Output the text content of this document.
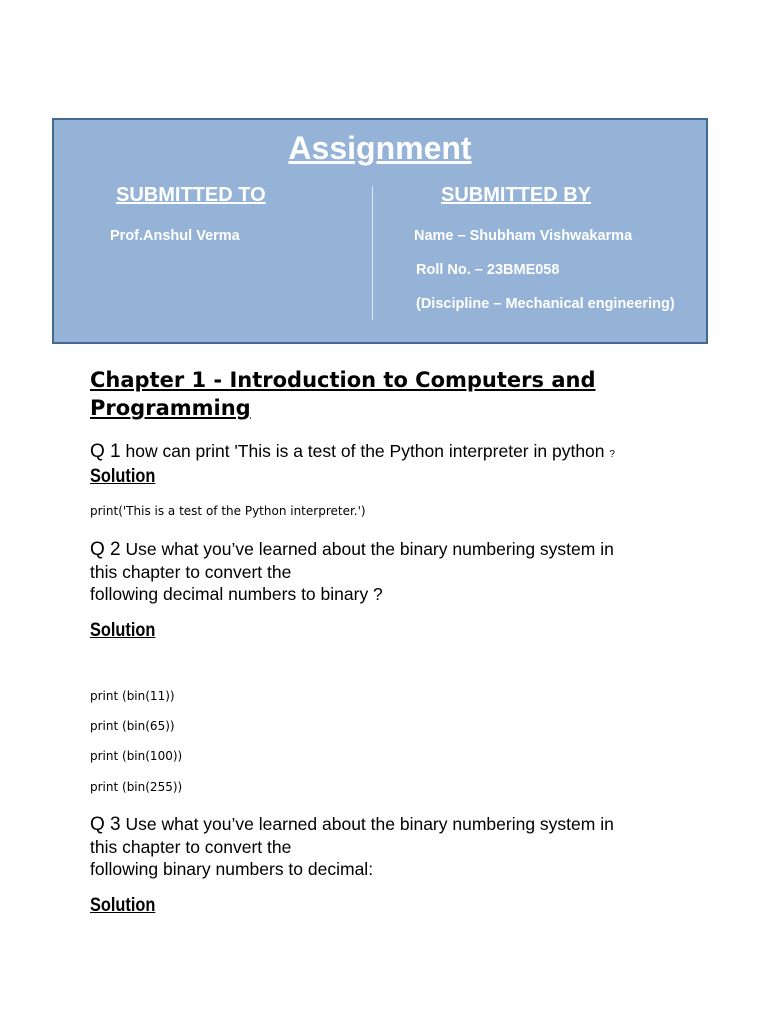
Assignment
SUBMITTED TO	SUBMITTED BY
Prof.Anshul Verma	Name – Shubham Vishwakarma
Roll No. – 23BME058
(Discipline – Mechanical engineering)
Chapter 1 - Introduction to Computers and Programming
Q 1 how can print 'This is a test of the Python interpreter in python ?
Solution
print('This is a test of the Python interpreter.')
Q 2 Use what you’ve learned about the binary numbering system in
this chapter to convert the
following decimal numbers to binary ?
Solution
print (bin(11))
print (bin(65))
print (bin(100))
print (bin(255))
Q 3 Use what you’ve learned about the binary numbering system in
this chapter to convert the
following binary numbers to decimal:
Solution
